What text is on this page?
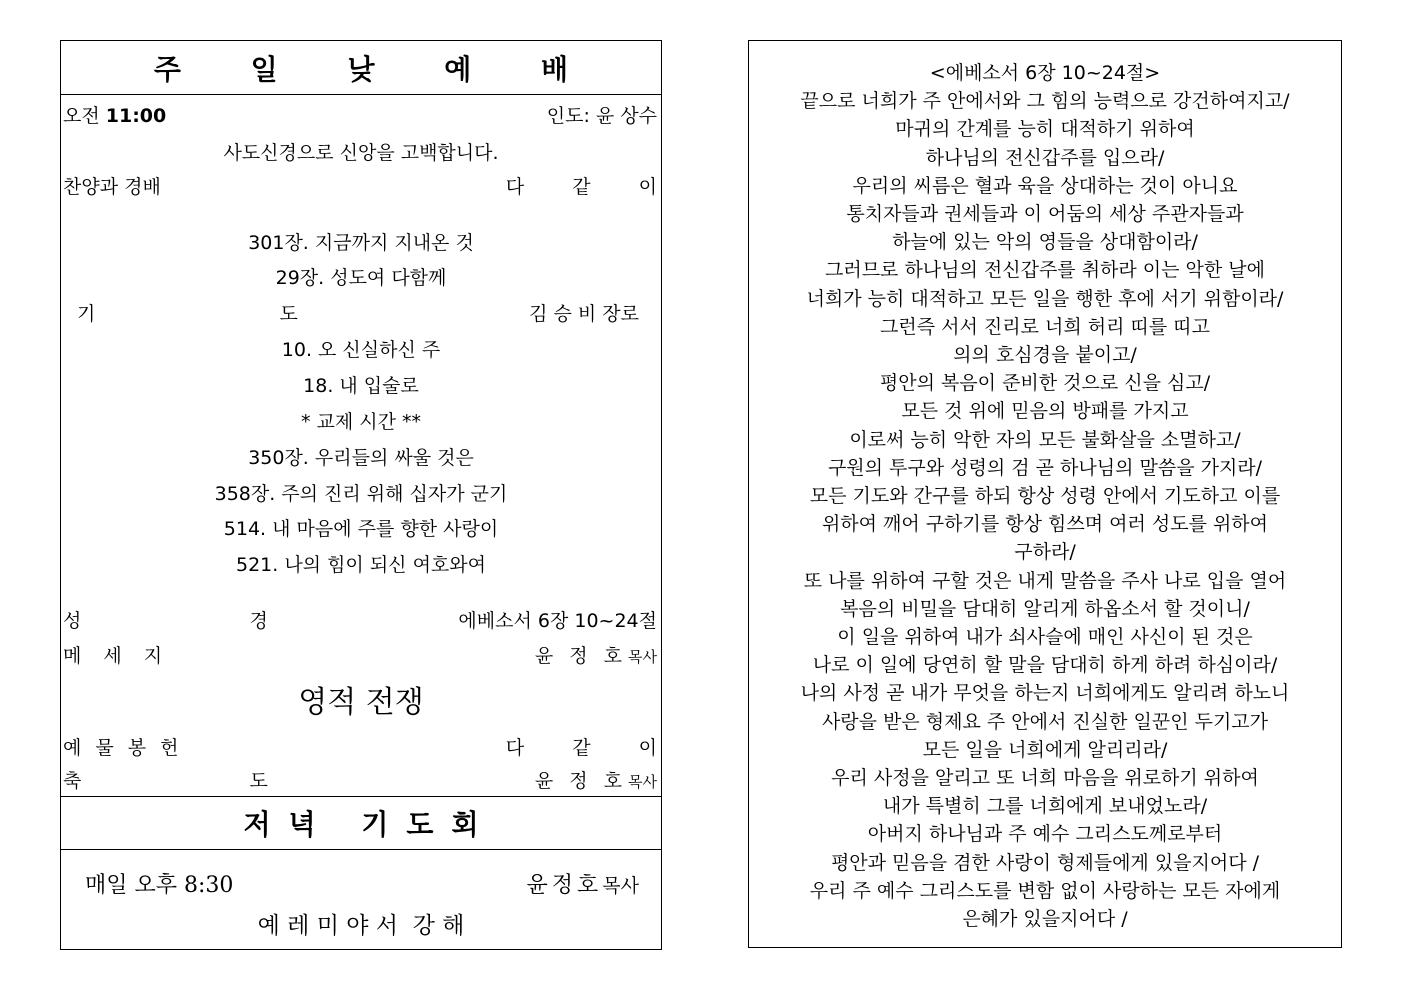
주 일 낮 예 배
오전 11:00	인도: 윤 상수
사도신경으로 신앙을 고백합니다.
찬양과 경배	다  같  이
301장. 지금까지 지내온 것
29장. 성도여 다함께
기    도	김 승 비 장로
10. 오 신실하신 주
18. 내 입술로
* 교제 시간 **
350장. 우리들의 싸울 것은
358장. 주의 진리 위해 십자가 군기
514. 내 마음에 주를 향한 사랑이
521. 나의 힘이 되신 여호와여
성    경	에베소서 6장 10~24절
메 세 지	윤 정 호 목사
영적 전쟁
예 물 봉 헌	다  같  이
축    도	윤 정 호 목사
저녁 기도회
매일 오후 8:30	윤정호목사
예 레 미 야 서  강 해
<에베소서 6장 10~24절>
끝으로 너희가 주 안에서와 그 힘의 능력으로 강건하여지고/
마귀의 간계를 능히 대적하기 위하여
하나님의 전신갑주를 입으라/
우리의 씨름은 혈과 육을 상대하는 것이 아니요
통치자들과 권세들과 이 어둠의 세상 주관자들과
하늘에 있는 악의 영들을 상대함이라/
그러므로 하나님의 전신갑주를 취하라 이는 악한 날에
너희가 능히 대적하고 모든 일을 행한 후에 서기 위함이라/
그런즉 서서 진리로 너희 허리 띠를 띠고
의의 호심경을 붙이고/
평안의 복음이 준비한 것으로 신을 심고/
모든 것 위에 믿음의 방패를 가지고
이로써 능히 악한 자의 모든 불화살을 소멸하고/
구원의 투구와 성령의 검 곧 하나님의 말씀을 가지라/
모든 기도와 간구를 하되 항상 성령 안에서 기도하고 이를
위하여 깨어 구하기를 항상 힘쓰며 여러 성도를 위하여
구하라/
또 나를 위하여 구할 것은 내게 말씀을 주사 나로 입을 열어
복음의 비밀을 담대히 알리게 하옵소서 할 것이니/
이 일을 위하여 내가 쇠사슬에 매인 사신이 된 것은
나로 이 일에 당연히 할 말을 담대히 하게 하려 하심이라/
나의 사정 곧 내가 무엇을 하는지 너희에게도 알리려 하노니
사랑을 받은 형제요 주 안에서 진실한 일꾼인 두기고가
모든 일을 너희에게 알리리라/
우리 사정을 알리고 또 너희 마음을 위로하기 위하여
내가 특별히 그를 너희에게 보내었노라/
아버지 하나님과 주 예수 그리스도께로부터
평안과 믿음을 겸한 사랑이 형제들에게 있을지어다 /
우리 주 예수 그리스도를 변함 없이 사랑하는 모든 자에게
은혜가 있을지어다 /
